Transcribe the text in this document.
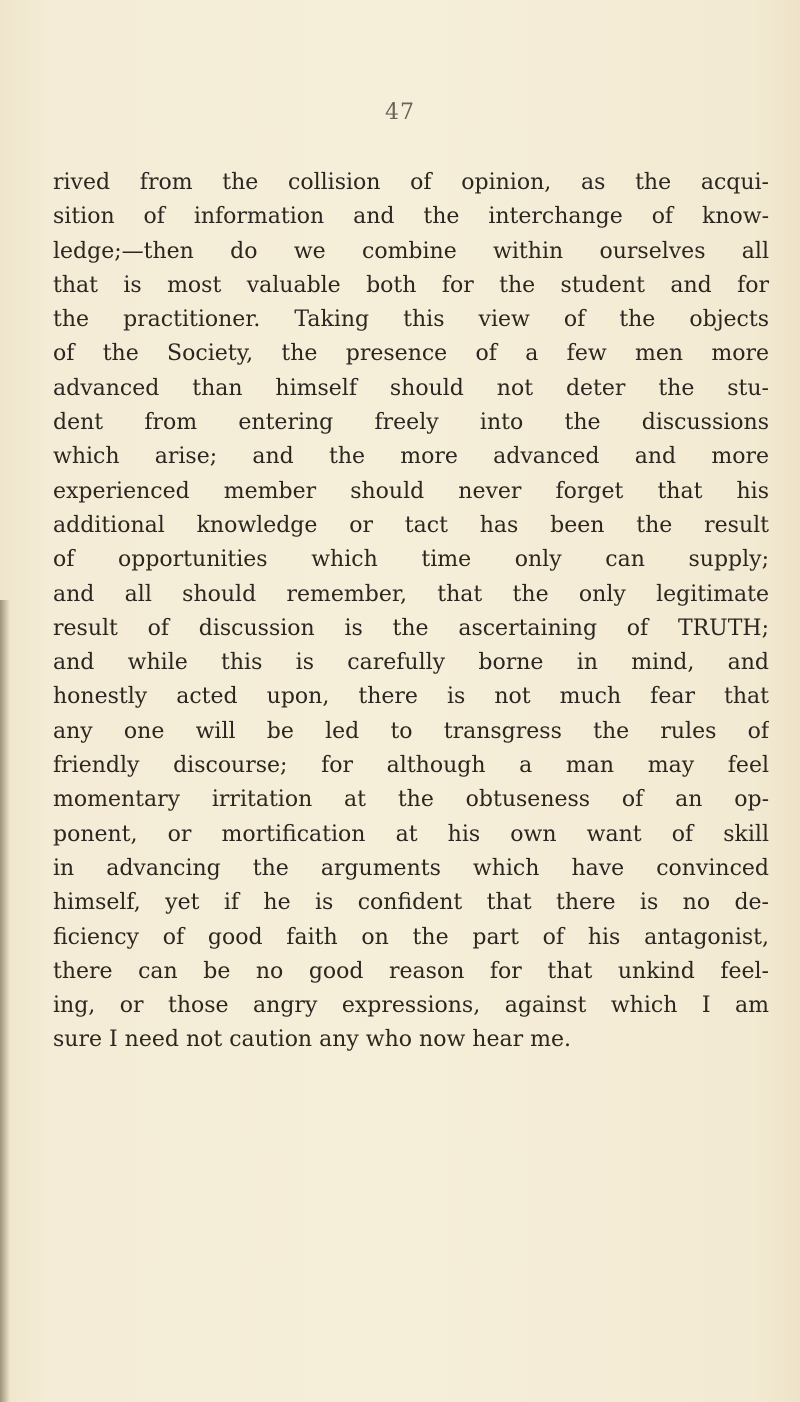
47
rived from the collision of opinion, as the acqui-
sition of information and the interchange of know-
ledge;—then do we combine within ourselves all
that is most valuable both for the student and for
the practitioner. Taking this view of the objects
of the Society, the presence of a few men more
advanced than himself should not deter the stu-
dent from entering freely into the discussions
which arise; and the more advanced and more
experienced member should never forget that his
additional knowledge or tact has been the result
of opportunities which time only can supply;
and all should remember, that the only legitimate
result of discussion is the ascertaining of TRUTH;
and while this is carefully borne in mind, and
honestly acted upon, there is not much fear that
any one will be led to transgress the rules of
friendly discourse; for although a man may feel
momentary irritation at the obtuseness of an op-
ponent, or mortification at his own want of skill
in advancing the arguments which have convinced
himself, yet if he is confident that there is no de-
ficiency of good faith on the part of his antagonist,
there can be no good reason for that unkind feel-
ing, or those angry expressions, against which I am
sure I need not caution any who now hear me.
